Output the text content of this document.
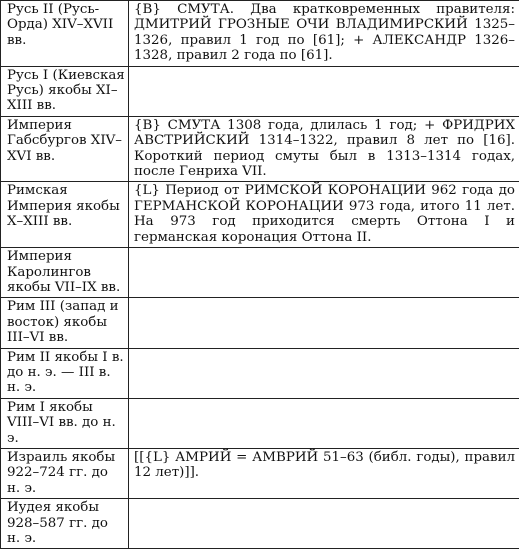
Русь II (Русь-Орда) XIV–XVII вв.	{В} СМУТА. Два кратковременных правителя: ДМИТРИЙ ГРОЗНЫЕ ОЧИ ВЛАДИМИРСКИЙ 1325–1326, правил 1 год по [61]; + АЛЕКСАНДР 1326–1328, правил 2 года по [61].
Русь I (Киевская Русь) якобы XI–XIII вв.	
Империя Габсбургов XIV–XVI вв.	{В} СМУТА 1308 года, длилась 1 год; + ФРИДРИХ АВСТРИЙСКИЙ 1314–1322, правил 8 лет по [16]. Короткий период смуты был в 1313–1314 годах, после Генриха VII.
Римская Империя якобы X–XIII вв.	{L} Период от РИМСКОЙ КОРОНАЦИИ 962 года до ГЕРМАНСКОЙ КОРОНАЦИИ 973 года, итого 11 лет. На 973 год приходится смерть Оттона I и германская коронация Оттона II.
Империя Каролингов якобы VII–IX вв.	
Рим III (запад и восток) якобы III–VI вв.	
Рим II якобы I в. до н. э. — III в. н. э.	
Рим I якобы VIII–VI вв. до н. э.	
Израиль якобы 922–724 гг. до н. э.	[[{L} АМРИЙ = АМВРИЙ 51–63 (библ. годы), правил 12 лет)]].
Иудея якобы 928–587 гг. до н. э.	
